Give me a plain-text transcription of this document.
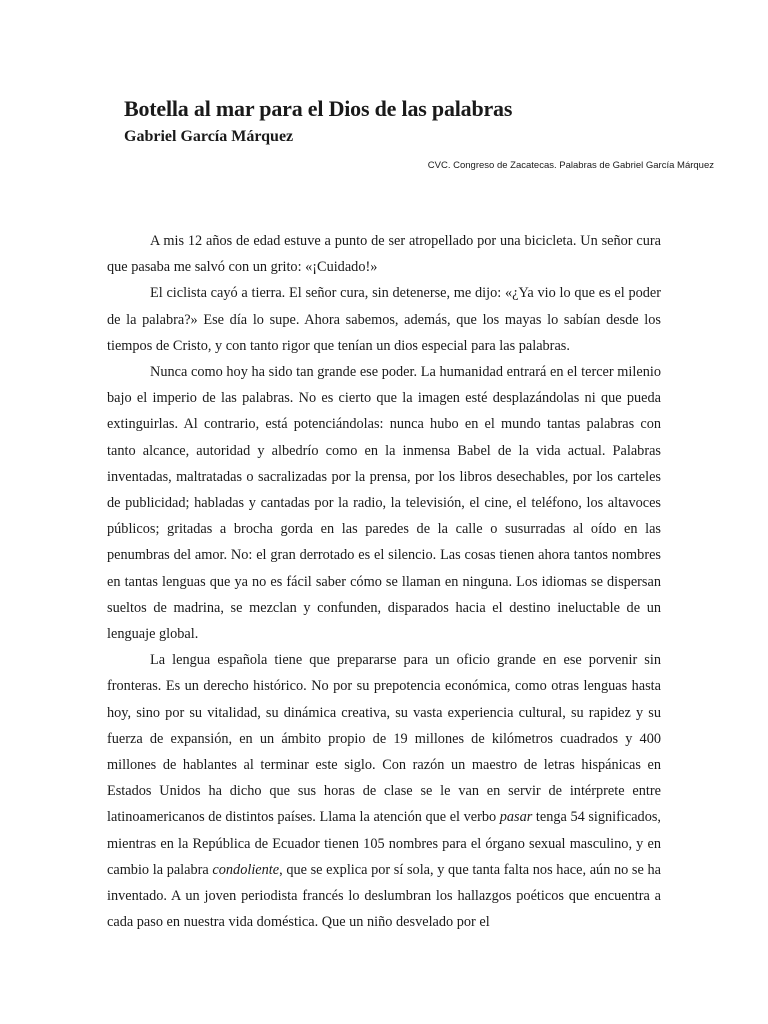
Botella al mar para el Dios de las palabras
Gabriel García Márquez
CVC. Congreso de Zacatecas. Palabras de Gabriel García Márquez

A mis 12 años de edad estuve a punto de ser atropellado por una bicicleta. Un señor cura que pasaba me salvó con un grito: «¡Cuidado!»

El ciclista cayó a tierra. El señor cura, sin detenerse, me dijo: «¿Ya vio lo que es el poder de la palabra?» Ese día lo supe. Ahora sabemos, además, que los mayas lo sabían desde los tiempos de Cristo, y con tanto rigor que tenían un dios especial para las palabras.

Nunca como hoy ha sido tan grande ese poder. La humanidad entrará en el tercer milenio bajo el imperio de las palabras. No es cierto que la imagen esté desplazándolas ni que pueda extinguirlas. Al contrario, está potenciándolas: nunca hubo en el mundo tantas palabras con tanto alcance, autoridad y albedrío como en la inmensa Babel de la vida actual. Palabras inventadas, maltratadas o sacralizadas por la prensa, por los libros desechables, por los carteles de publicidad; habladas y cantadas por la radio, la televisión, el cine, el teléfono, los altavoces públicos; gritadas a brocha gorda en las paredes de la calle o susurradas al oído en las penumbras del amor. No: el gran derrotado es el silencio. Las cosas tienen ahora tantos nombres en tantas lenguas que ya no es fácil saber cómo se llaman en ninguna. Los idiomas se dispersan sueltos de madrina, se mezclan y confunden, disparados hacia el destino ineluctable de un lenguaje global.

La lengua española tiene que prepararse para un oficio grande en ese porvenir sin fronteras. Es un derecho histórico. No por su prepotencia económica, como otras lenguas hasta hoy, sino por su vitalidad, su dinámica creativa, su vasta experiencia cultural, su rapidez y su fuerza de expansión, en un ámbito propio de 19 millones de kilómetros cuadrados y 400 millones de hablantes al terminar este siglo. Con razón un maestro de letras hispánicas en Estados Unidos ha dicho que sus horas de clase se le van en servir de intérprete entre latinoamericanos de distintos países. Llama la atención que el verbo pasar tenga 54 significados, mientras en la República de Ecuador tienen 105 nombres para el órgano sexual masculino, y en cambio la palabra condoliente, que se explica por sí sola, y que tanta falta nos hace, aún no se ha inventado. A un joven periodista francés lo deslumbran los hallazgos poéticos que encuentra a cada paso en nuestra vida doméstica. Que un niño desvelado por el
